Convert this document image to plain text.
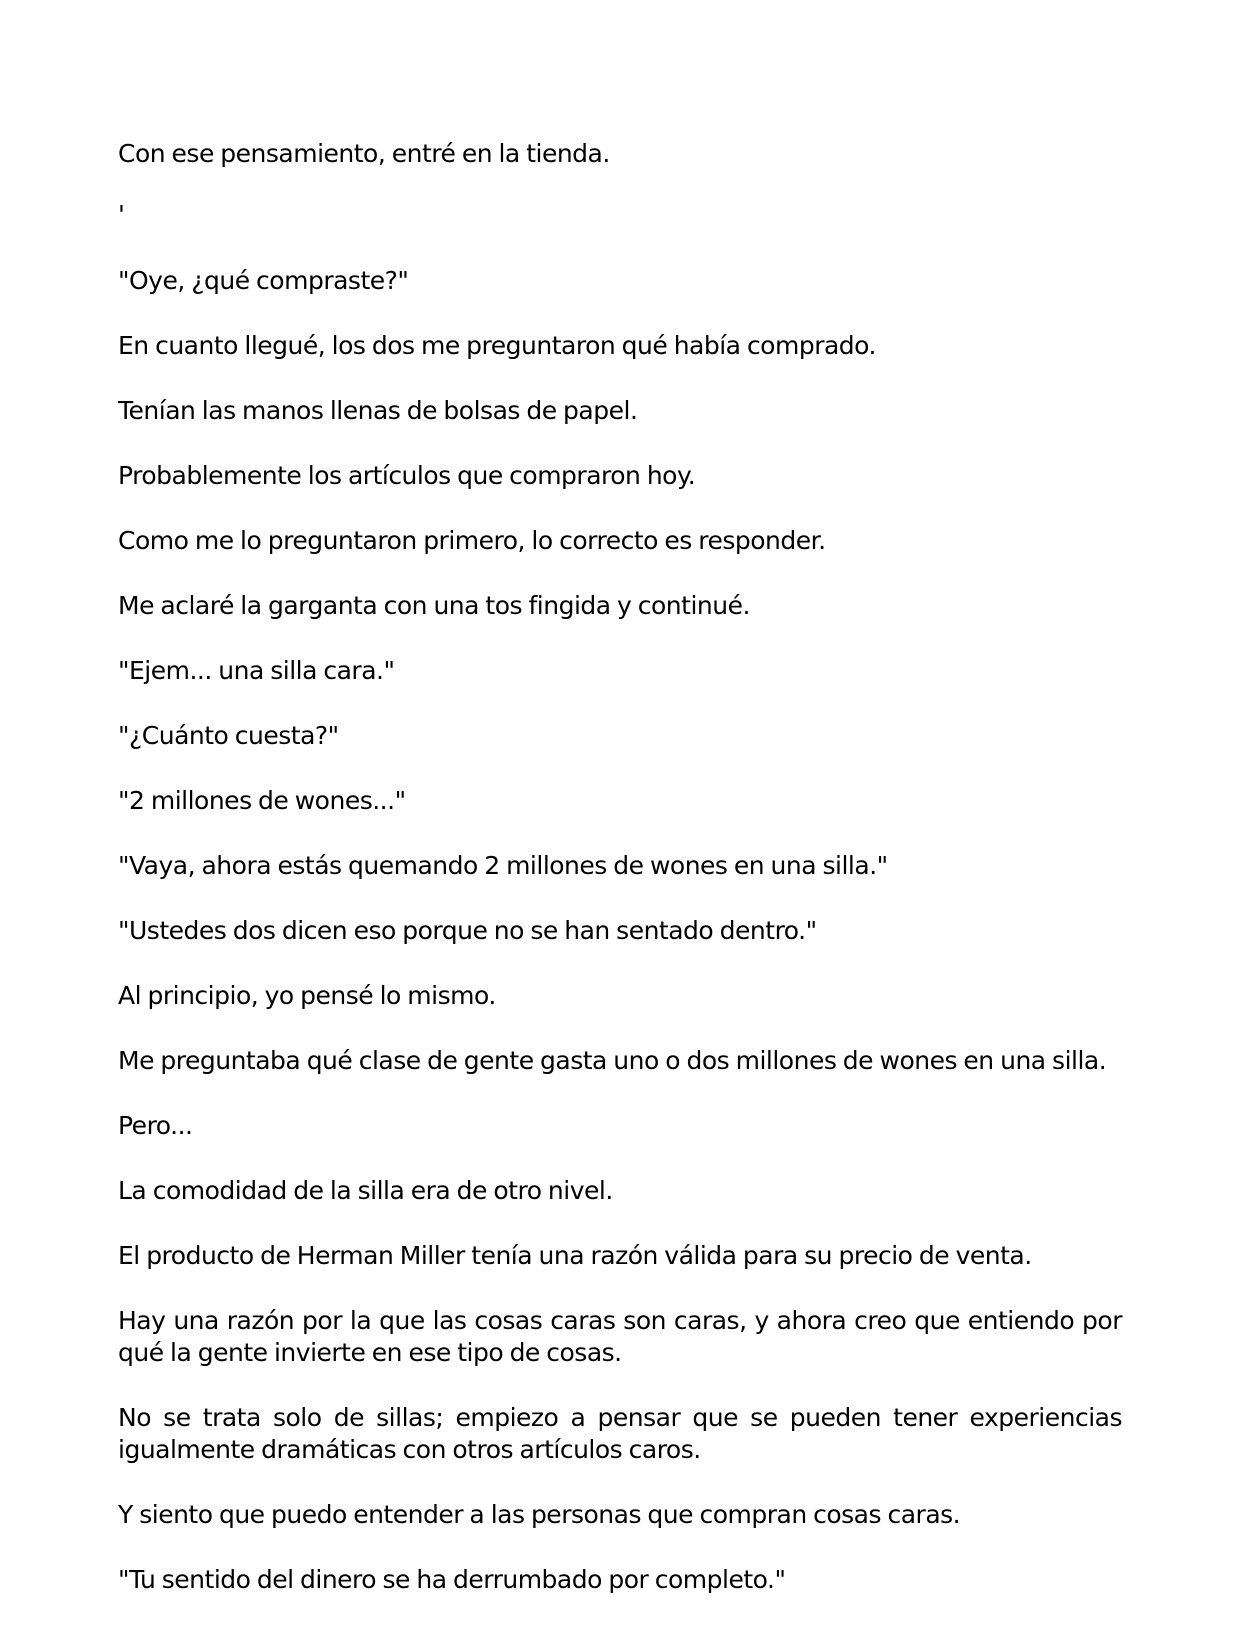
Con ese pensamiento, entré en la tienda.

'

"Oye, ¿qué compraste?"

En cuanto llegué, los dos me preguntaron qué había comprado.

Tenían las manos llenas de bolsas de papel.

Probablemente los artículos que compraron hoy.

Como me lo preguntaron primero, lo correcto es responder.

Me aclaré la garganta con una tos fingida y continué.

"Ejem... una silla cara."

"¿Cuánto cuesta?"

"2 millones de wones..."

"Vaya, ahora estás quemando 2 millones de wones en una silla."

"Ustedes dos dicen eso porque no se han sentado dentro."

Al principio, yo pensé lo mismo.

Me preguntaba qué clase de gente gasta uno o dos millones de wones en una silla.

Pero...

La comodidad de la silla era de otro nivel.

El producto de Herman Miller tenía una razón válida para su precio de venta.

Hay una razón por la que las cosas caras son caras, y ahora creo que entiendo por qué la gente invierte en ese tipo de cosas.

No se trata solo de sillas; empiezo a pensar que se pueden tener experiencias igualmente dramáticas con otros artículos caros.

Y siento que puedo entender a las personas que compran cosas caras.

"Tu sentido del dinero se ha derrumbado por completo."
